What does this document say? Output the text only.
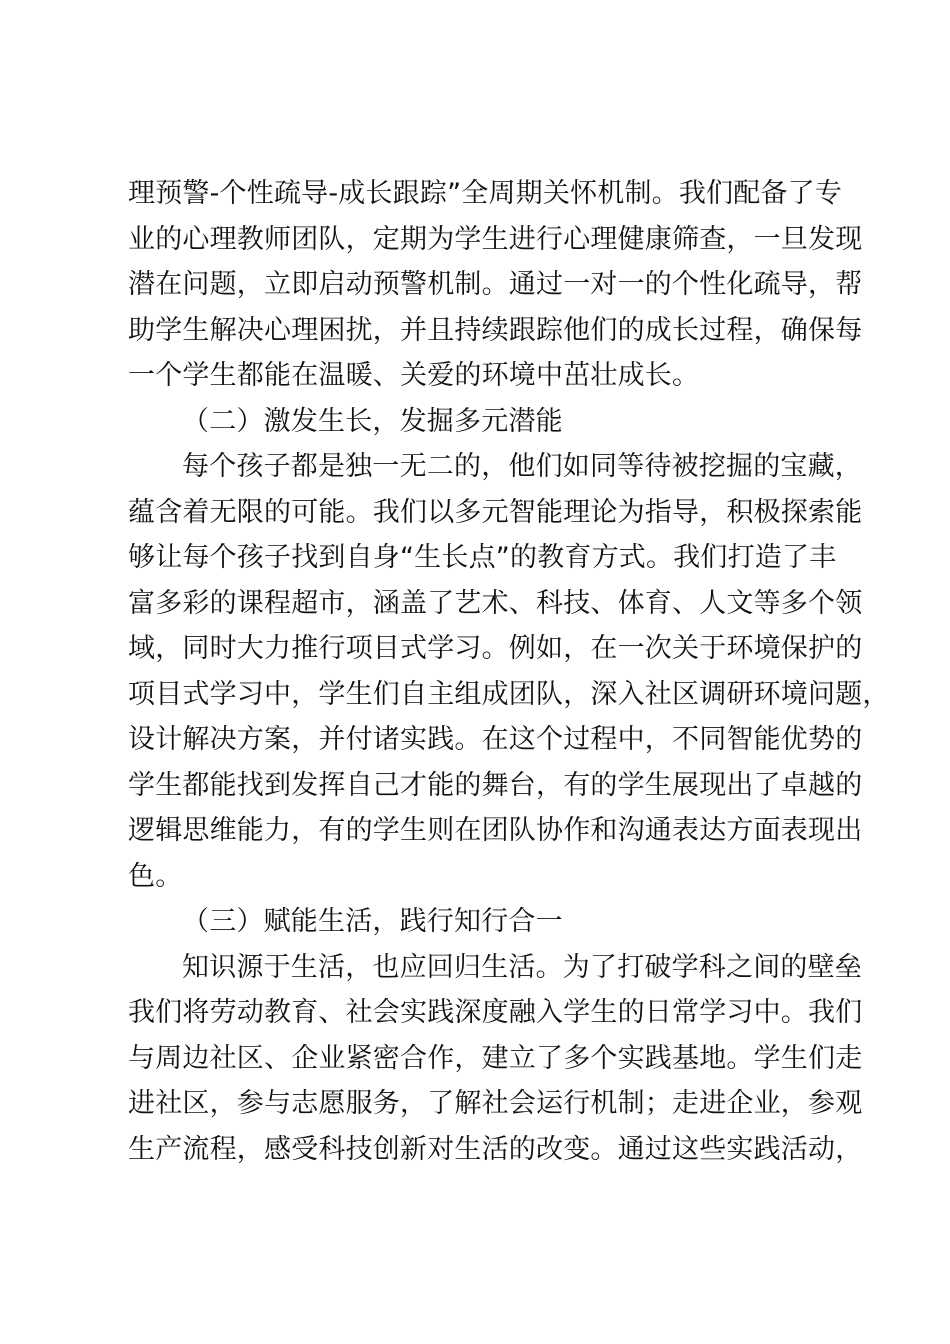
理预警-个性疏导-成长跟踪”全周期关怀机制。我们配备了专
业的心理教师团队，定期为学生进行心理健康筛查，一旦发现
潜在问题，立即启动预警机制。通过一对一的个性化疏导，帮
助学生解决心理困扰，并且持续跟踪他们的成长过程，确保每
一个学生都能在温暖、关爱的环境中茁壮成长。
（二）激发生长，发掘多元潜能
每个孩子都是独一无二的，他们如同等待被挖掘的宝藏，
蕴含着无限的可能。我们以多元智能理论为指导，积极探索能
够让每个孩子找到自身“生长点”的教育方式。我们打造了丰
富多彩的课程超市，涵盖了艺术、科技、体育、人文等多个领
域，同时大力推行项目式学习。例如，在一次关于环境保护的
项目式学习中，学生们自主组成团队，深入社区调研环境问题，
设计解决方案，并付诸实践。在这个过程中，不同智能优势的
学生都能找到发挥自己才能的舞台，有的学生展现出了卓越的
逻辑思维能力，有的学生则在团队协作和沟通表达方面表现出
色。
（三）赋能生活，践行知行合一
知识源于生活，也应回归生活。为了打破学科之间的壁垒
我们将劳动教育、社会实践深度融入学生的日常学习中。我们
与周边社区、企业紧密合作，建立了多个实践基地。学生们走
进社区，参与志愿服务，了解社会运行机制；走进企业，参观
生产流程，感受科技创新对生活的改变。通过这些实践活动，
